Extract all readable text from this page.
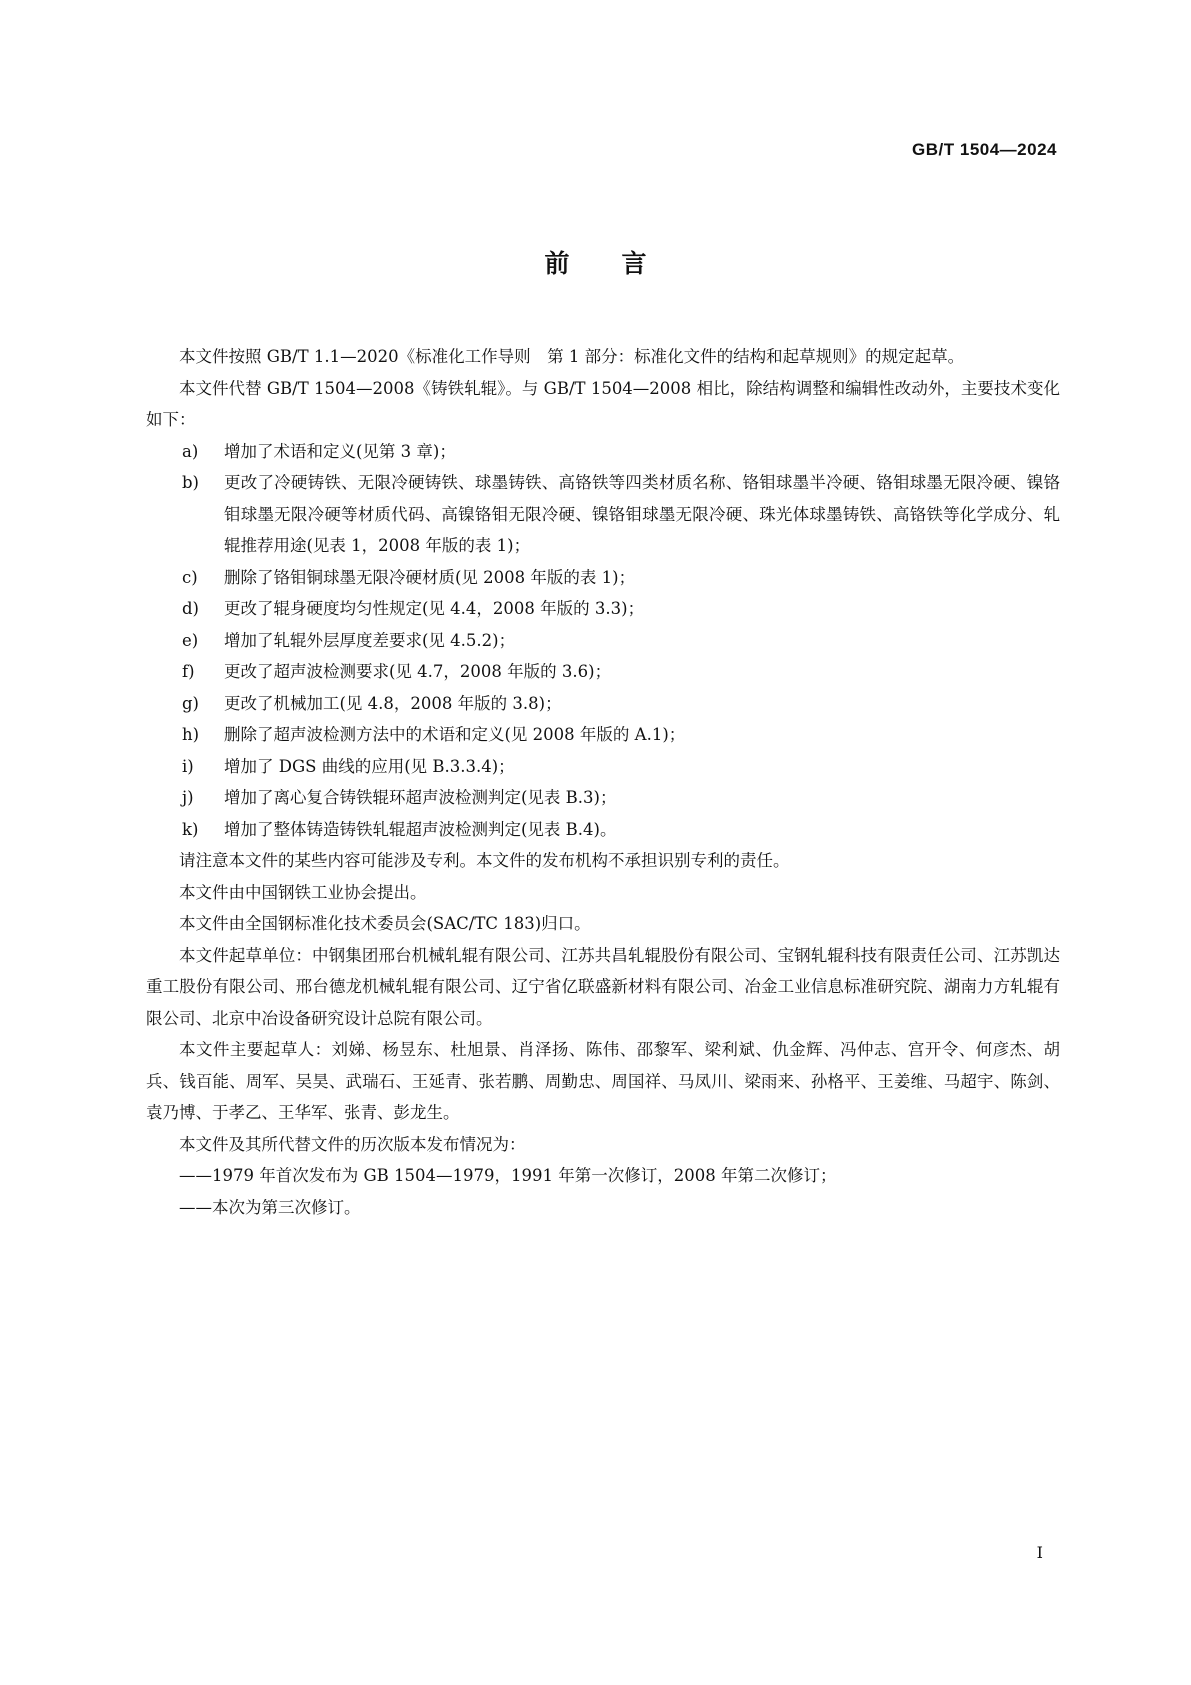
GB/T 1504—2024
前言

本文件按照 GB/T 1.1—2020《标准化工作导则　第 1 部分：标准化文件的结构和起草规则》的规定起草。

本文件代替 GB/T 1504—2008《铸铁轧辊》。与 GB/T 1504—2008 相比，除结构调整和编辑性改动外，主要技术变化如下：

a) 增加了术语和定义(见第 3 章)；

b) 更改了冷硬铸铁、无限冷硬铸铁、球墨铸铁、高铬铁等四类材质名称、铬钼球墨半冷硬、铬钼球墨无限冷硬、镍铬钼球墨无限冷硬等材质代码、高镍铬钼无限冷硬、镍铬钼球墨无限冷硬、珠光体球墨铸铁、高铬铁等化学成分、轧辊推荐用途(见表 1，2008 年版的表 1)；

c) 删除了铬钼铜球墨无限冷硬材质(见 2008 年版的表 1)；

d) 更改了辊身硬度均匀性规定(见 4.4，2008 年版的 3.3)；

e) 增加了轧辊外层厚度差要求(见 4.5.2)；

f) 更改了超声波检测要求(见 4.7，2008 年版的 3.6)；

g) 更改了机械加工(见 4.8，2008 年版的 3.8)；

h) 删除了超声波检测方法中的术语和定义(见 2008 年版的 A.1)；

i) 增加了 DGS 曲线的应用(见 B.3.3.4)；

j) 增加了离心复合铸铁辊环超声波检测判定(见表 B.3)；

k) 增加了整体铸造铸铁轧辊超声波检测判定(见表 B.4)。

请注意本文件的某些内容可能涉及专利。本文件的发布机构不承担识别专利的责任。

本文件由中国钢铁工业协会提出。

本文件由全国钢标准化技术委员会(SAC/TC 183)归口。

本文件起草单位：中钢集团邢台机械轧辊有限公司、江苏共昌轧辊股份有限公司、宝钢轧辊科技有限责任公司、江苏凯达重工股份有限公司、邢台德龙机械轧辊有限公司、辽宁省亿联盛新材料有限公司、冶金工业信息标准研究院、湖南力方轧辊有限公司、北京中冶设备研究设计总院有限公司。

本文件主要起草人：刘娣、杨昱东、杜旭景、肖泽扬、陈伟、邵黎军、梁利斌、仇金辉、冯仲志、宫开令、何彦杰、胡兵、钱百能、周军、吴昊、武瑞石、王延青、张若鹏、周勤忠、周国祥、马凤川、梁雨来、孙格平、王姜维、马超宇、陈剑、袁乃博、于孝乙、王华军、张青、彭龙生。

本文件及其所代替文件的历次版本发布情况为：

——1979 年首次发布为 GB 1504—1979，1991 年第一次修订，2008 年第二次修订；

——本次为第三次修订。

I
